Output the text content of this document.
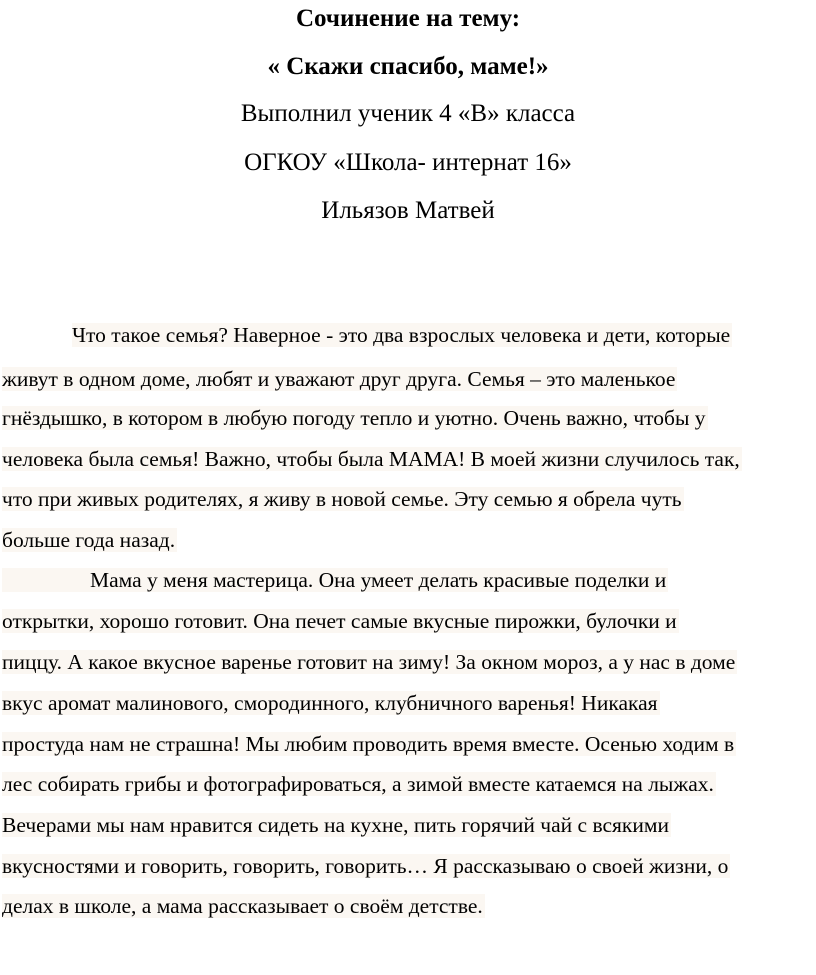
Сочинение на тему:
« Скажи спасибо, маме!»
Выполнил ученик 4 «В» класса
ОГКОУ «Школа- интернат 16»
Ильязов Матвей
Что такое семья? Наверное - это два взрослых человека и дети, которые
живут в одном доме, любят и уважают друг друга. Семья – это маленькое
гнёздышко, в котором в любую погоду тепло и уютно. Очень важно, чтобы у
человека была семья! Важно, чтобы была МАМА! В моей жизни случилось так,
что при живых родителях, я живу в новой семье. Эту семью я обрела чуть
больше года назад.
Мама у меня мастерица. Она умеет делать красивые поделки и
открытки, хорошо готовит. Она печет самые вкусные пирожки, булочки и
пиццу. А какое вкусное варенье готовит на зиму! За окном мороз, а у нас в доме
вкус аромат малинового, смородинного, клубничного варенья! Никакая
простуда нам не страшна! Мы любим проводить время вместе. Осенью ходим в
лес собирать грибы и фотографироваться, а зимой вместе катаемся на лыжах.
Вечерами мы нам нравится сидеть на кухне, пить горячий чай с всякими
вкусностями и говорить, говорить, говорить… Я рассказываю о своей жизни, о
делах в школе, а мама рассказывает о своём детстве.
